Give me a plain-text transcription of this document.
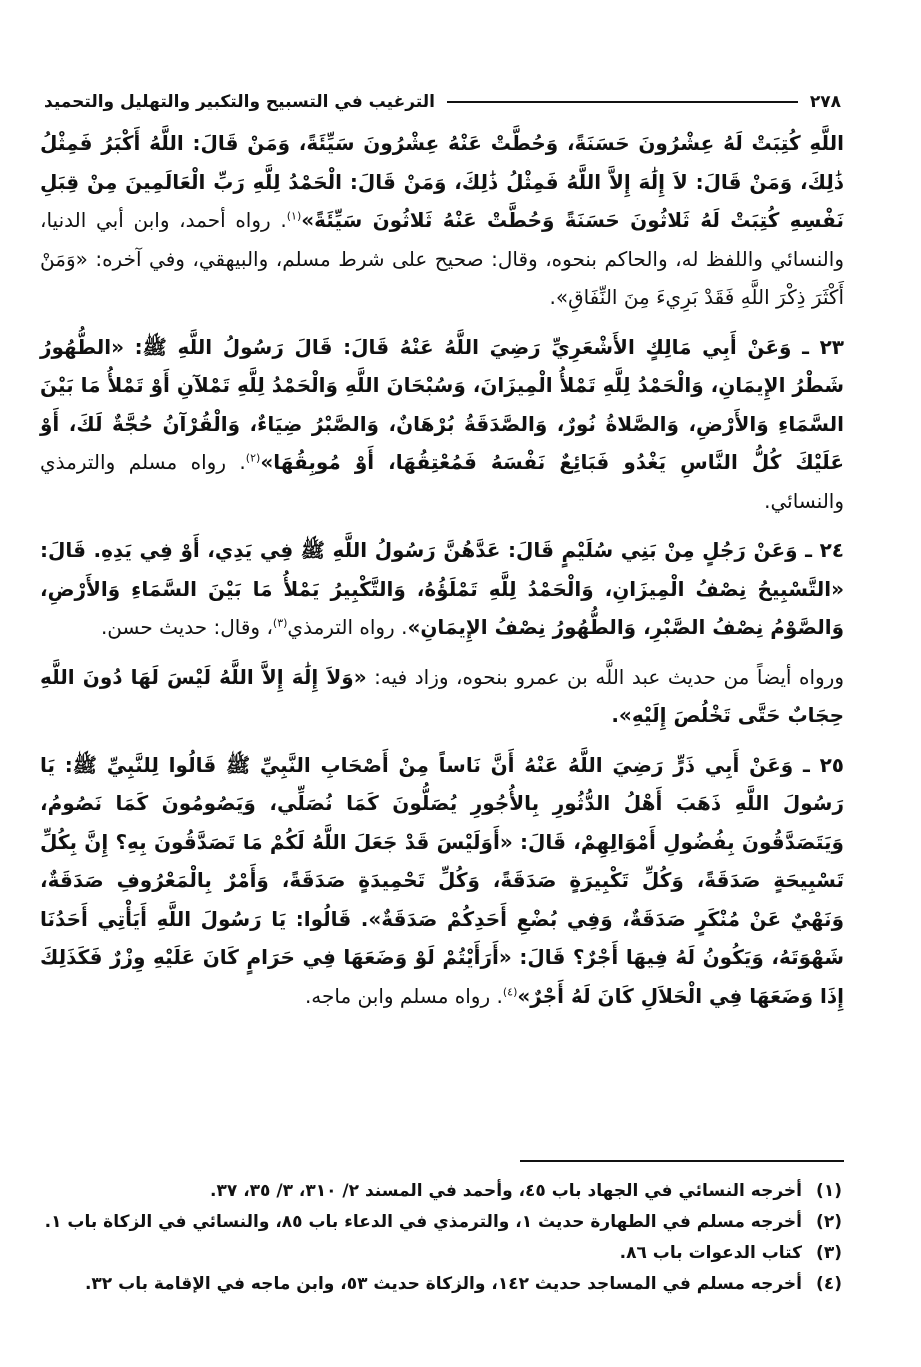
٢٧٨
الترغيب في التسبيح والتكبير والتهليل والتحميد

اللَّهِ كُتِبَتْ لَهُ عِشْرُونَ حَسَنَةً، وَحُطَّتْ عَنْهُ عِشْرُونَ سَيِّئَةً، وَمَنْ قَالَ: اللَّهُ أَكْبَرُ فَمِثْلُ ذَٰلِكَ، وَمَنْ قَالَ: لاَ إِلَٰهَ إِلاَّ اللَّهُ فَمِثْلُ ذَٰلِكَ، وَمَنْ قَالَ: الْحَمْدُ لِلَّهِ رَبِّ الْعَالَمِينَ مِنْ قِبَلِ نَفْسِهِ كُتِبَتْ لَهُ ثَلاثُونَ حَسَنَةً وَحُطَّتْ عَنْهُ ثَلاثُونَ سَيِّئَةً»$^{(١)}$. رواه أحمد، وابن أبي الدنيا، والنسائي واللفظ له، والحاكم بنحوه، وقال: صحيح على شرط مسلم، والبيهقي، وفي آخره: «وَمَنْ أَكْثَرَ ذِكْرَ اللَّهِ فَقَدْ بَرِيءَ مِنَ النِّفَاقِ».

٢٣ ـ وَعَنْ أَبِي مَالِكٍ الأَشْعَرِيِّ رَضِيَ اللَّهُ عَنْهُ قَالَ: قَالَ رَسُولُ اللَّهِ ﷺ: «الطُّهُورُ شَطْرُ الإِيمَانِ، وَالْحَمْدُ لِلَّهِ تَمْلأُ الْمِيزَانَ، وَسُبْحَانَ اللَّهِ وَالْحَمْدُ لِلَّهِ تَمْلآنِ أَوْ تَمْلأُ مَا بَيْنَ السَّمَاءِ وَالأَرْضِ، وَالصَّلاةُ نُورٌ، وَالصَّدَقَةُ بُرْهَانٌ، وَالصَّبْرُ ضِيَاءٌ، وَالْقُرْآنُ حُجَّةٌ لَكَ، أَوْ عَلَيْكَ كُلُّ النَّاسِ يَغْدُو فَبَائِعٌ نَفْسَهُ فَمُعْتِقُهَا، أَوْ مُوبِقُهَا»$^{(٢)}$. رواه مسلم والترمذي والنسائي.

٢٤ ـ وَعَنْ رَجُلٍ مِنْ بَنِي سُلَيْمٍ قَالَ: عَدَّهُنَّ رَسُولُ اللَّهِ ﷺ فِي يَدِي، أَوْ فِي يَدِهِ. قَالَ: «التَّسْبِيحُ نِصْفُ الْمِيزَانِ، وَالْحَمْدُ لِلَّهِ تَمْلَؤُهُ، وَالتَّكْبِيرُ يَمْلأُ مَا بَيْنَ السَّمَاءِ وَالأَرْضِ، وَالصَّوْمُ نِصْفُ الصَّبْرِ، وَالطُّهُورُ نِصْفُ الإِيمَانِ». رواه الترمذي$^{(٣)}$، وقال: حديث حسن.

ورواه أيضاً من حديث عبد اللَّه بن عمرو بنحوه، وزاد فيه: «وَلاَ إِلَٰهَ إِلاَّ اللَّهُ لَيْسَ لَهَا دُونَ اللَّهِ حِجَابٌ حَتَّى تَخْلُصَ إِلَيْهِ».

٢٥ ـ وَعَنْ أَبِي ذَرٍّ رَضِيَ اللَّهُ عَنْهُ أَنَّ نَاساً مِنْ أَصْحَابِ النَّبِيِّ ﷺ قَالُوا لِلنَّبِيِّ ﷺ: يَا رَسُولَ اللَّهِ ذَهَبَ أَهْلُ الدُّثُورِ بِالأُجُورِ يُصَلُّونَ كَمَا نُصَلِّي، وَيَصُومُونَ كَمَا نَصُومُ، وَيَتَصَدَّقُونَ بِفُضُولِ أَمْوَالِهِمْ، قَالَ: «أَوَلَيْسَ قَدْ جَعَلَ اللَّهُ لَكُمْ مَا تَصَدَّقُونَ بِهِ؟ إِنَّ بِكُلِّ تَسْبِيحَةٍ صَدَقَةً، وَكُلِّ تَكْبِيرَةٍ صَدَقَةً، وَكُلِّ تَحْمِيدَةٍ صَدَقَةً، وَأَمْرٌ بِالْمَعْرُوفِ صَدَقَةٌ، وَنَهْيٌ عَنْ مُنْكَرٍ صَدَقَةٌ، وَفِي بُضْعِ أَحَدِكُمْ صَدَقَةٌ». قَالُوا: يَا رَسُولَ اللَّهِ أَيَأْتِي أَحَدُنَا شَهْوَتَهُ، وَيَكُونُ لَهُ فِيهَا أَجْرٌ؟ قَالَ: «أَرَأَيْتُمْ لَوْ وَضَعَهَا فِي حَرَامٍ كَانَ عَلَيْهِ وِزْرٌ فَكَذَلِكَ إِذَا وَضَعَهَا فِي الْحَلاَلِ كَانَ لَهُ أَجْرٌ»$^{(٤)}$. رواه مسلم وابن ماجه.

(١)
أخرجه النسائي في الجهاد باب ٤٥، وأحمد في المسند ٢/ ٣١٠، ٣/ ٣٥، ٣٧.
(٢)
أخرجه مسلم في الطهارة حديث ١، والترمذي في الدعاء باب ٨٥، والنسائي في الزكاة باب ١.
(٣)
كتاب الدعوات باب ٨٦.
(٤)
أخرجه مسلم في المساجد حديث ١٤٢، والزكاة حديث ٥٣، وابن ماجه في الإقامة باب ٣٢.
